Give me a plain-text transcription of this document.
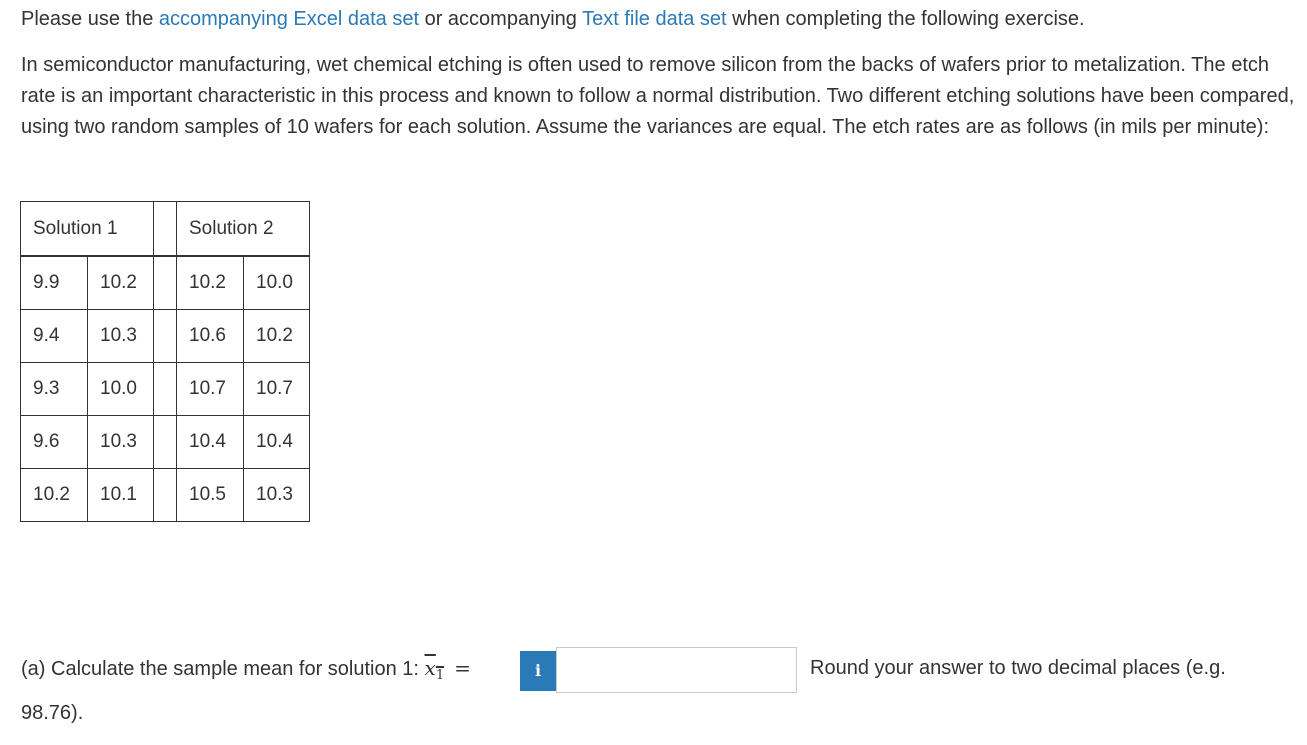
Please use the accompanying Excel data set or accompanying Text file data set when completing the following exercise.
In semiconductor manufacturing, wet chemical etching is often used to remove silicon from the backs of wafers prior to metalization. The etch rate is an important characteristic in this process and known to follow a normal distribution. Two different etching solutions have been compared, using two random samples of 10 wafers for each solution. Assume the variances are equal. The etch rates are as follows (in mils per minute):
Solution 1			Solution 2	
9.9	10.2		10.2	10.0
9.4	10.3		10.6	10.2
9.3	10.0		10.7	10.7
9.6	10.3		10.4	10.4
10.2	10.1		10.5	10.3
(a) Calculate the sample mean for solution 1: $x_1$ =	i	Round your answer to two decimal places (e.g.
98.76).
